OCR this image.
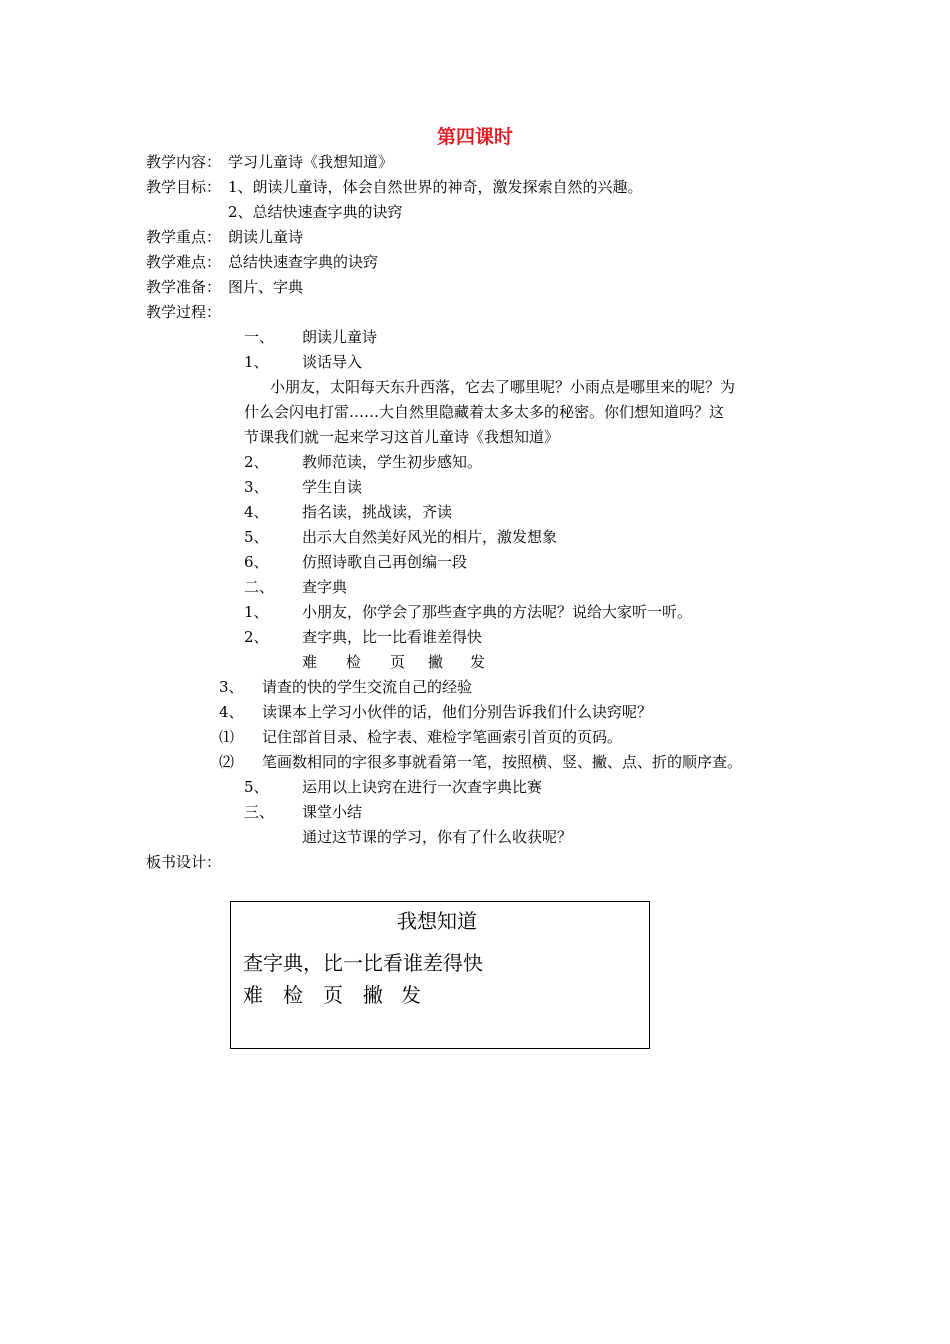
第四课时
教学内容： 学习儿童诗《我想知道》
教学目标： 1、朗读儿童诗，体会自然世界的神奇，激发探索自然的兴趣。
2、总结快速查字典的诀窍
教学重点： 朗读儿童诗
教学难点： 总结快速查字典的诀窍
教学准备： 图片、字典
教学过程：
一、 朗读儿童诗
1、 谈话导入
小朋友，太阳每天东升西落，它去了哪里呢？小雨点是哪里来的呢？为
什么会闪电打雷……大自然里隐藏着太多太多的秘密。你们想知道吗？这
节课我们就一起来学习这首儿童诗《我想知道》
2、 教师范读，学生初步感知。
3、 学生自读
4、 指名读，挑战读，齐读
5、 出示大自然美好风光的相片，激发想象
6、 仿照诗歌自己再创编一段
二、 查字典
1、 小朋友，你学会了那些查字典的方法呢？说给大家听一听。
2、 查字典，比一比看谁差得快
难 检 页 撇 发
3、 请查的快的学生交流自己的经验
4、 读课本上学习小伙伴的话，他们分别告诉我们什么诀窍呢？
⑴ 记住部首目录、检字表、难检字笔画索引首页的页码。
⑵ 笔画数相同的字很多事就看第一笔，按照横、竖、撇、点、折的顺序查。
5、 运用以上诀窍在进行一次查字典比赛
三、 课堂小结
通过这节课的学习，你有了什么收获呢？
板书设计：
我想知道
查字典，比一比看谁差得快
难 检 页 撇 发
